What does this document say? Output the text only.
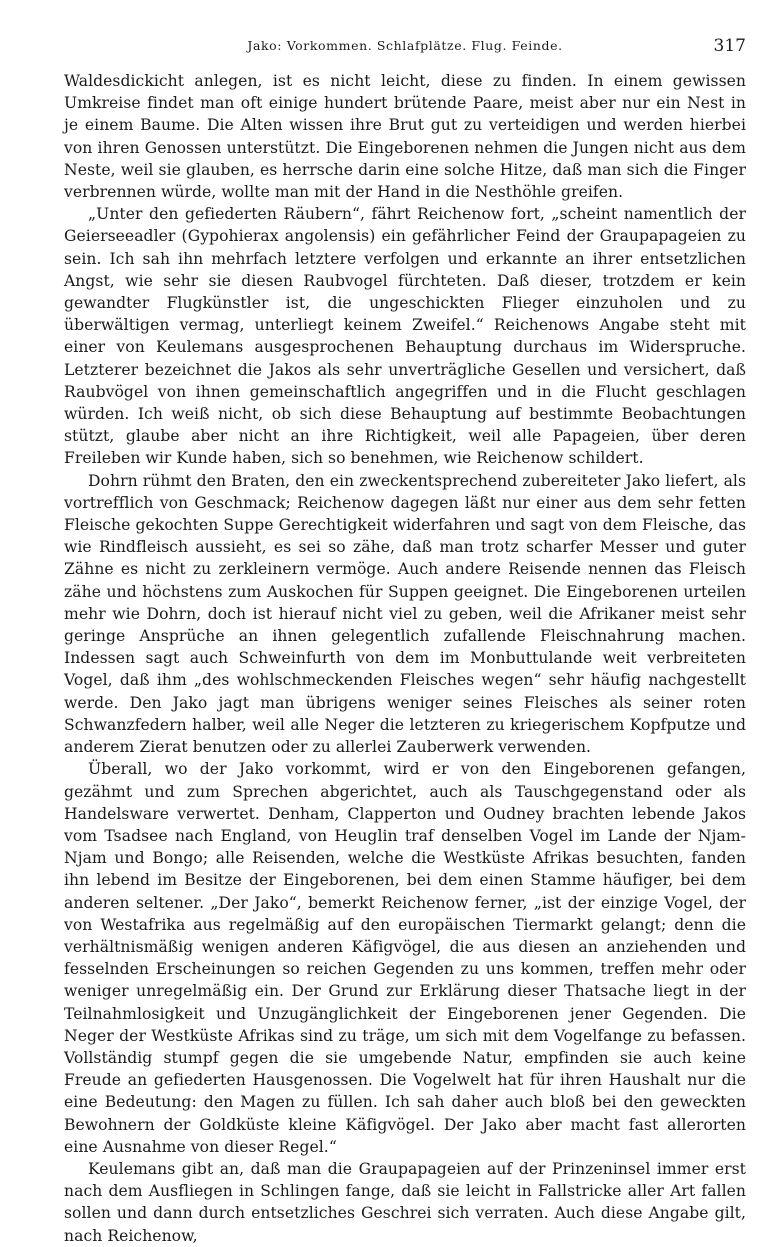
Jako: Vorkommen. Schlafplätze. Flug. Feinde.	317

Waldesdickicht anlegen, ist es nicht leicht, diese zu finden. In einem gewissen Umkreise findet man oft einige hundert brütende Paare, meist aber nur ein Nest in je einem Baume. Die Alten wissen ihre Brut gut zu verteidigen und werden hierbei von ihren Genossen unterstützt. Die Eingeborenen nehmen die Jungen nicht aus dem Neste, weil sie glauben, es herrsche darin eine solche Hitze, daß man sich die Finger verbrennen würde, wollte man mit der Hand in die Nesthöhle greifen.

„Unter den gefiederten Räubern“, fährt Reichenow fort, „scheint namentlich der Geierseeadler (Gypohierax angolensis) ein gefährlicher Feind der Graupapageien zu sein. Ich sah ihn mehrfach letztere verfolgen und erkannte an ihrer entsetzlichen Angst, wie sehr sie diesen Raubvogel fürchteten. Daß dieser, trotzdem er kein gewandter Flugkünstler ist, die ungeschickten Flieger einzuholen und zu überwältigen vermag, unterliegt keinem Zweifel.“ Reichenows Angabe steht mit einer von Keulemans ausgesprochenen Behauptung durchaus im Widerspruche. Letzterer bezeichnet die Jakos als sehr unverträgliche Gesellen und versichert, daß Raubvögel von ihnen gemeinschaftlich angegriffen und in die Flucht geschlagen würden. Ich weiß nicht, ob sich diese Behauptung auf bestimmte Beobachtungen stützt, glaube aber nicht an ihre Richtigkeit, weil alle Papageien, über deren Freileben wir Kunde haben, sich so benehmen, wie Reichenow schildert.

Dohrn rühmt den Braten, den ein zweckentsprechend zubereiteter Jako liefert, als vortrefflich von Geschmack; Reichenow dagegen läßt nur einer aus dem sehr fetten Fleische gekochten Suppe Gerechtigkeit widerfahren und sagt von dem Fleische, das wie Rindfleisch aussieht, es sei so zähe, daß man trotz scharfer Messer und guter Zähne es nicht zu zerkleinern vermöge. Auch andere Reisende nennen das Fleisch zähe und höchstens zum Auskochen für Suppen geeignet. Die Eingeborenen urteilen mehr wie Dohrn, doch ist hierauf nicht viel zu geben, weil die Afrikaner meist sehr geringe Ansprüche an ihnen gelegentlich zufallende Fleischnahrung machen. Indessen sagt auch Schweinfurth von dem im Monbuttulande weit verbreiteten Vogel, daß ihm „des wohlschmeckenden Fleisches wegen“ sehr häufig nachgestellt werde. Den Jako jagt man übrigens weniger seines Fleisches als seiner roten Schwanzfedern halber, weil alle Neger die letzteren zu kriegerischem Kopfputze und anderem Zierat benutzen oder zu allerlei Zauberwerk verwenden.

Überall, wo der Jako vorkommt, wird er von den Eingeborenen gefangen, gezähmt und zum Sprechen abgerichtet, auch als Tauschgegenstand oder als Handelsware verwertet. Denham, Clapperton und Oudney brachten lebende Jakos vom Tsadsee nach England, von Heuglin traf denselben Vogel im Lande der Njam-Njam und Bongo; alle Reisenden, welche die Westküste Afrikas besuchten, fanden ihn lebend im Besitze der Eingeborenen, bei dem einen Stamme häufiger, bei dem anderen seltener. „Der Jako“, bemerkt Reichenow ferner, „ist der einzige Vogel, der von Westafrika aus regelmäßig auf den europäischen Tiermarkt gelangt; denn die verhältnismäßig wenigen anderen Käfigvögel, die aus diesen an anziehenden und fesselnden Erscheinungen so reichen Gegenden zu uns kommen, treffen mehr oder weniger unregelmäßig ein. Der Grund zur Erklärung dieser Thatsache liegt in der Teilnahmlosigkeit und Unzugänglichkeit der Eingeborenen jener Gegenden. Die Neger der Westküste Afrikas sind zu träge, um sich mit dem Vogelfange zu befassen. Vollständig stumpf gegen die sie umgebende Natur, empfinden sie auch keine Freude an gefiederten Hausgenossen. Die Vogelwelt hat für ihren Haushalt nur die eine Bedeutung: den Magen zu füllen. Ich sah daher auch bloß bei den geweckten Bewohnern der Goldküste kleine Käfigvögel. Der Jako aber macht fast allerorten eine Ausnahme von dieser Regel.“

Keulemans gibt an, daß man die Graupapageien auf der Prinzeninsel immer erst nach dem Ausfliegen in Schlingen fange, daß sie leicht in Fallstricke aller Art fallen sollen und dann durch entsetzliches Geschrei sich verraten. Auch diese Angabe gilt, nach Reichenow,
